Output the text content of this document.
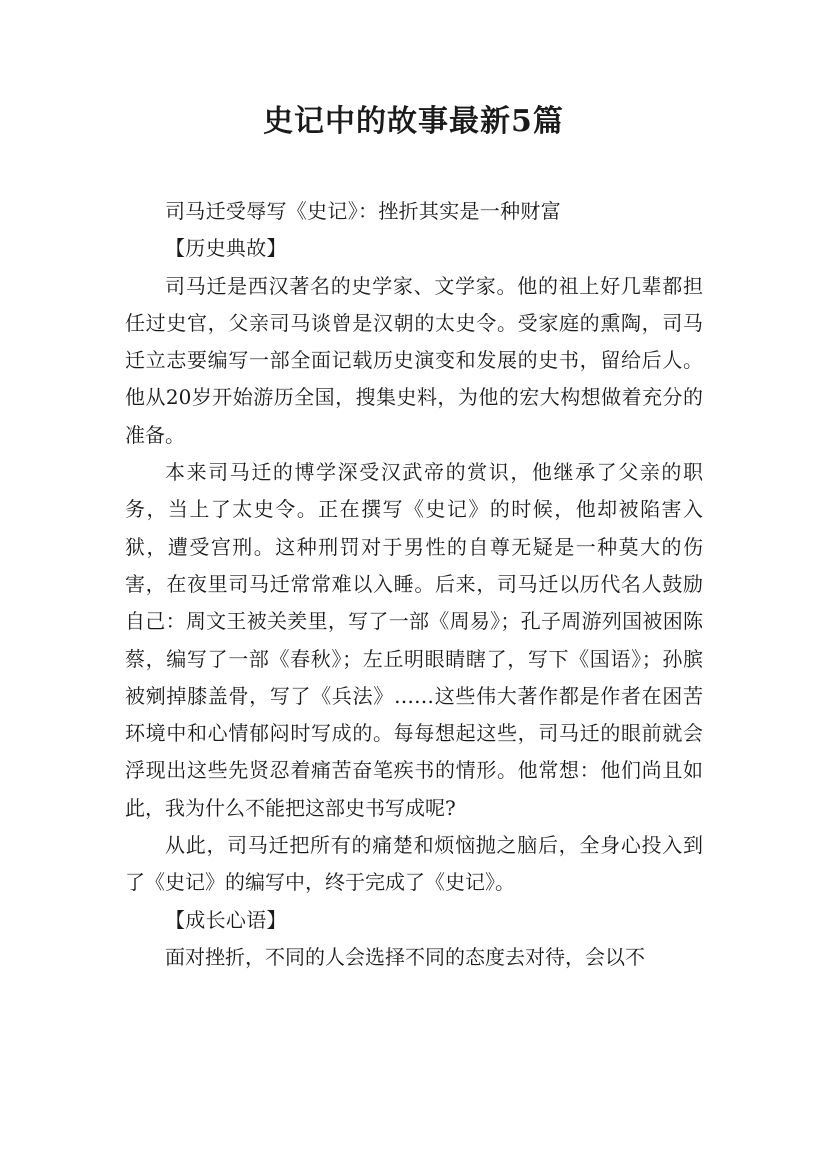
史记中的故事最新5篇

司马迁受辱写《史记》：挫折其实是一种财富

【历史典故】

司马迁是西汉著名的史学家、文学家。他的祖上好几辈都担任过史官，父亲司马谈曾是汉朝的太史令。受家庭的熏陶，司马迁立志要编写一部全面记载历史演变和发展的史书，留给后人。他从20岁开始游历全国，搜集史料，为他的宏大构想做着充分的准备。

本来司马迁的博学深受汉武帝的赏识，他继承了父亲的职务，当上了太史令。正在撰写《史记》的时候，他却被陷害入狱，遭受宫刑。这种刑罚对于男性的自尊无疑是一种莫大的伤害，在夜里司马迁常常难以入睡。后来，司马迁以历代名人鼓励自己：周文王被关羑里，写了一部《周易》；孔子周游列国被困陈蔡，编写了一部《春秋》；左丘明眼睛瞎了，写下《国语》；孙膑被剜掉膝盖骨，写了《兵法》……这些伟大著作都是作者在困苦环境中和心情郁闷时写成的。每每想起这些，司马迁的眼前就会浮现出这些先贤忍着痛苦奋笔疾书的情形。他常想：他们尚且如此，我为什么不能把这部史书写成呢?

从此，司马迁把所有的痛楚和烦恼抛之脑后，全身心投入到了《史记》的编写中，终于完成了《史记》。

【成长心语】

面对挫折，不同的人会选择不同的态度去对待，会以不
